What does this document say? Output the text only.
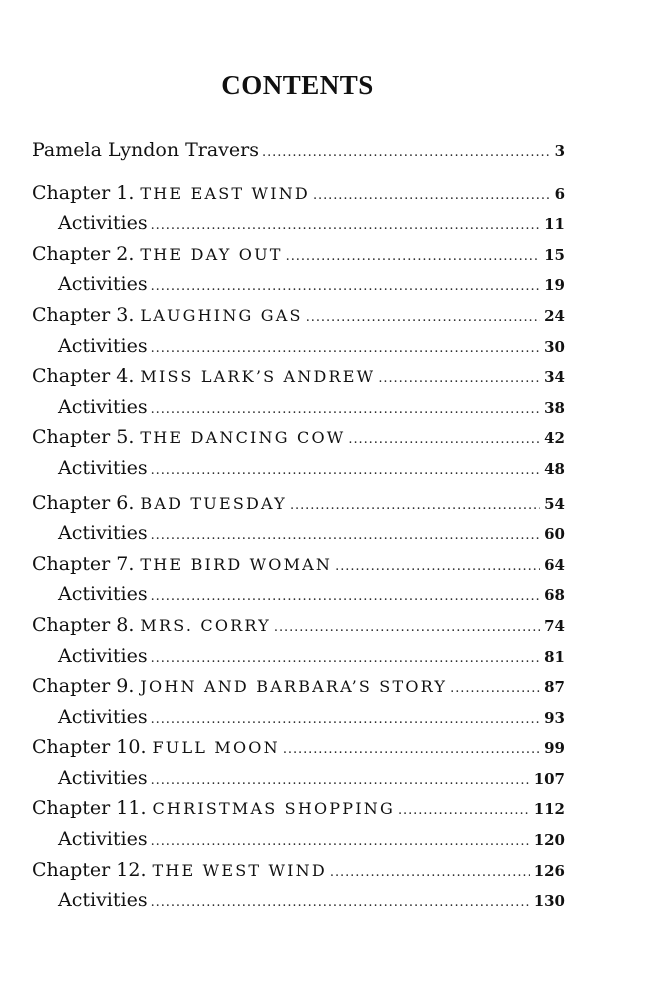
CONTENTS
Pamela Lyndon Travers . . .	3
Chapter 1. THE EAST WIND . . .	6
Activities . . .	11
Chapter 2. THE DAY OUT . . .	15
Activities . . .	19
Chapter 3. LAUGHING GAS . . .	24
Activities . . .	30
Chapter 4. MISS LARK’S ANDREW . . .	34
Activities . . .	38
Chapter 5. THE DANCING COW . . .	42
Activities . . .	48
Chapter 6. BAD TUESDAY . . .	54
Activities . . .	60
Chapter 7. THE BIRD WOMAN . . .	64
Activities . . .	68
Chapter 8. MRS. CORRY . . .	74
Activities . . .	81
Chapter 9. JOHN AND BARBARA’S STORY . . .	87
Activities . . .	93
Chapter 10. FULL MOON . . .	99
Activities . . .	107
Chapter 11. CHRISTMAS SHOPPING . . .	112
Activities . . .	120
Chapter 12. THE WEST WIND . . .	126
Activities . . .	130
